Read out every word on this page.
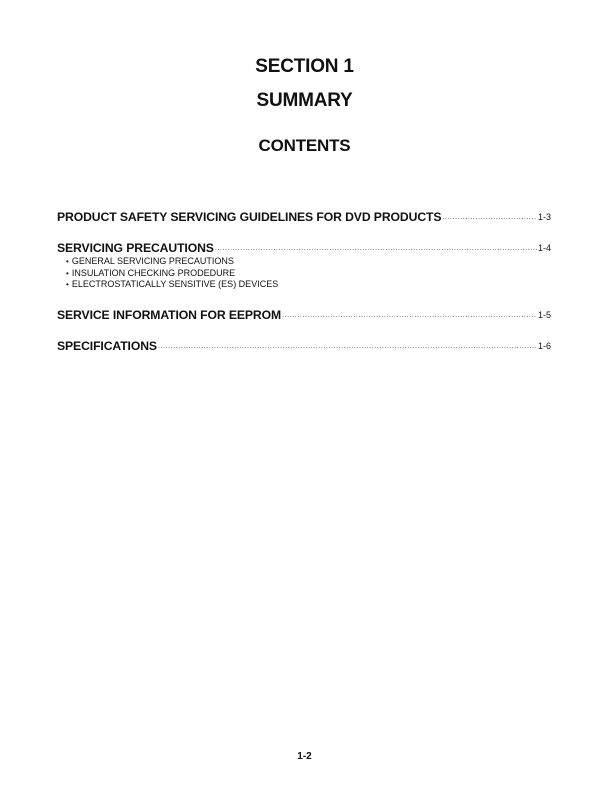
SECTION 1
SUMMARY
CONTENTS
PRODUCT SAFETY SERVICING GUIDELINES FOR DVD PRODUCTS .....	1-3
SERVICING PRECAUTIONS .....	1-4
• GENERAL SERVICING PRECAUTIONS
• INSULATION CHECKING PRODEDURE
• ELECTROSTATICALLY SENSITIVE (ES) DEVICES
SERVICE INFORMATION FOR EEPROM .....	1-5
SPECIFICATIONS .....	1-6
1-2
